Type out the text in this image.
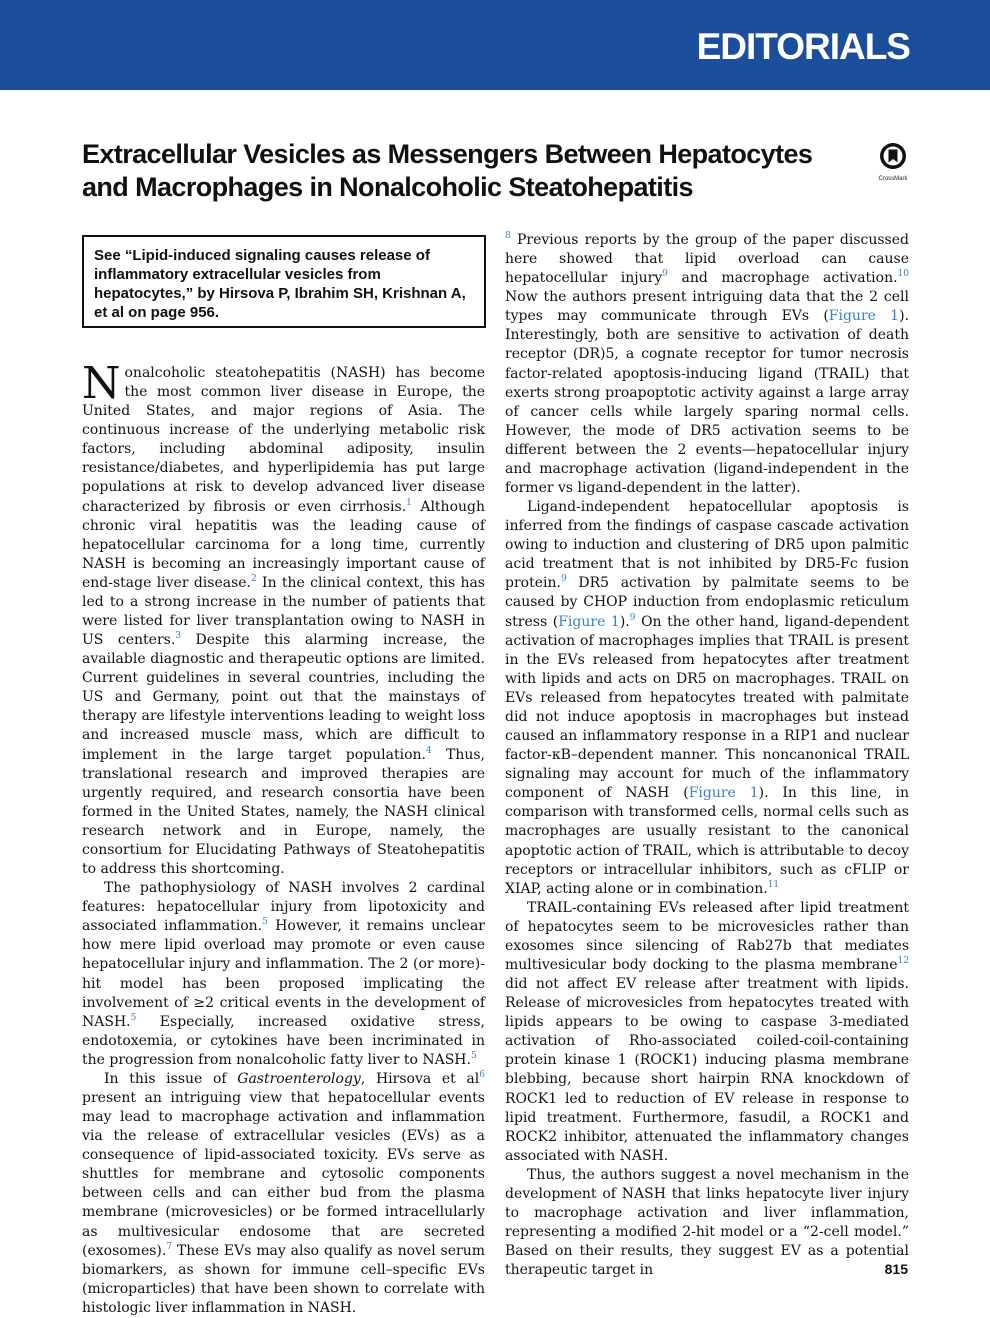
EDITORIALS
Extracellular Vesicles as Messengers Between Hepatocytes and Macrophages in Nonalcoholic Steatohepatitis	CrossMark
See “Lipid-induced signaling causes release of inflammatory extracellular vesicles from hepatocytes,” by Hirsova P, Ibrahim SH, Krishnan A, et al on page 956.

Nonalcoholic steatohepatitis (NASH) has become the most common liver disease in Europe, the United States, and major regions of Asia. The continuous increase of the underlying metabolic risk factors, including abdominal adiposity, insulin resistance/diabetes, and hyperlipidemia has put large populations at risk to develop advanced liver disease characterized by fibrosis or even cirrhosis.$^1$ Although chronic viral hepatitis was the leading cause of hepatocellular carcinoma for a long time, currently NASH is becoming an increasingly important cause of end-stage liver disease.$^2$ In the clinical context, this has led to a strong increase in the number of patients that were listed for liver transplantation owing to NASH in US centers.$^3$ Despite this alarming increase, the available diagnostic and therapeutic options are limited. Current guidelines in several countries, including the US and Germany, point out that the mainstays of therapy are lifestyle interventions leading to weight loss and increased muscle mass, which are difficult to implement in the large target population.$^4$ Thus, translational research and improved therapies are urgently required, and research consortia have been formed in the United States, namely, the NASH clinical research network and in Europe, namely, the consortium for Elucidating Pathways of Steatohepatitis to address this shortcoming.

The pathophysiology of NASH involves 2 cardinal features: hepatocellular injury from lipotoxicity and associated inflammation.$^5$ However, it remains unclear how mere lipid overload may promote or even cause hepatocellular injury and inflammation. The 2 (or more)-hit model has been proposed implicating the involvement of ≥2 critical events in the development of NASH.$^5$ Especially, increased oxidative stress, endotoxemia, or cytokines have been incriminated in the progression from nonalcoholic fatty liver to NASH.$^5$

In this issue of Gastroenterology, Hirsova et $al^6$ present an intriguing view that hepatocellular events may lead to macrophage activation and inflammation via the release of extracellular vesicles (EVs) as a consequence of lipid-associated toxicity. EVs serve as shuttles for membrane and cytosolic components between cells and can either bud from the plasma membrane (microvesicles) or be formed intracellularly as multivesicular endosome that are secreted (exosomes).$^7$ These EVs may also qualify as novel serum biomarkers, as shown for immune cell–specific EVs (microparticles) that have been shown to correlate with histologic liver inflammation in NASH.

$^8$ Previous reports by the group of the paper discussed here showed that lipid overload can cause hepatocellular injury$^9$ and macrophage activation.$^{10}$ Now the authors present intriguing data that the 2 cell types may communicate through EVs (Figure 1). Interestingly, both are sensitive to activation of death receptor (DR)5, a cognate receptor for tumor necrosis factor-related apoptosis-inducing ligand (TRAIL) that exerts strong proapoptotic activity against a large array of cancer cells while largely sparing normal cells. However, the mode of DR5 activation seems to be different between the 2 events—hepatocellular injury and macrophage activation (ligand-independent in the former vs ligand-dependent in the latter).

Ligand-independent hepatocellular apoptosis is inferred from the findings of caspase cascade activation owing to induction and clustering of DR5 upon palmitic acid treatment that is not inhibited by DR5-Fc fusion protein.$^9$ DR5 activation by palmitate seems to be caused by CHOP induction from endoplasmic reticulum stress (Figure 1).$^9$ On the other hand, ligand-dependent activation of macrophages implies that TRAIL is present in the EVs released from hepatocytes after treatment with lipids and acts on DR5 on macrophages. TRAIL on EVs released from hepatocytes treated with palmitate did not induce apoptosis in macrophages but instead caused an inflammatory response in a RIP1 and nuclear factor-κB–dependent manner. This noncanonical TRAIL signaling may account for much of the inflammatory component of NASH (Figure 1). In this line, in comparison with transformed cells, normal cells such as macrophages are usually resistant to the canonical apoptotic action of TRAIL, which is attributable to decoy receptors or intracellular inhibitors, such as cFLIP or XIAP, acting alone or in combination.$^{11}$

TRAIL-containing EVs released after lipid treatment of hepatocytes seem to be microvesicles rather than exosomes since silencing of Rab27b that mediates multivesicular body docking to the plasma membrane$^{12}$ did not affect EV release after treatment with lipids. Release of microvesicles from hepatocytes treated with lipids appears to be owing to caspase 3-mediated activation of Rho-associated coiled-coil-containing protein kinase 1 (ROCK1) inducing plasma membrane blebbing, because short hairpin RNA knockdown of ROCK1 led to reduction of EV release in response to lipid treatment. Furthermore, fasudil, a ROCK1 and ROCK2 inhibitor, attenuated the inflammatory changes associated with NASH.

Thus, the authors suggest a novel mechanism in the development of NASH that links hepatocyte liver injury to macrophage activation and liver inflammation, representing a modified 2-hit model or a “2-cell model.” Based on their results, they suggest EV as a potential therapeutic target in	815
